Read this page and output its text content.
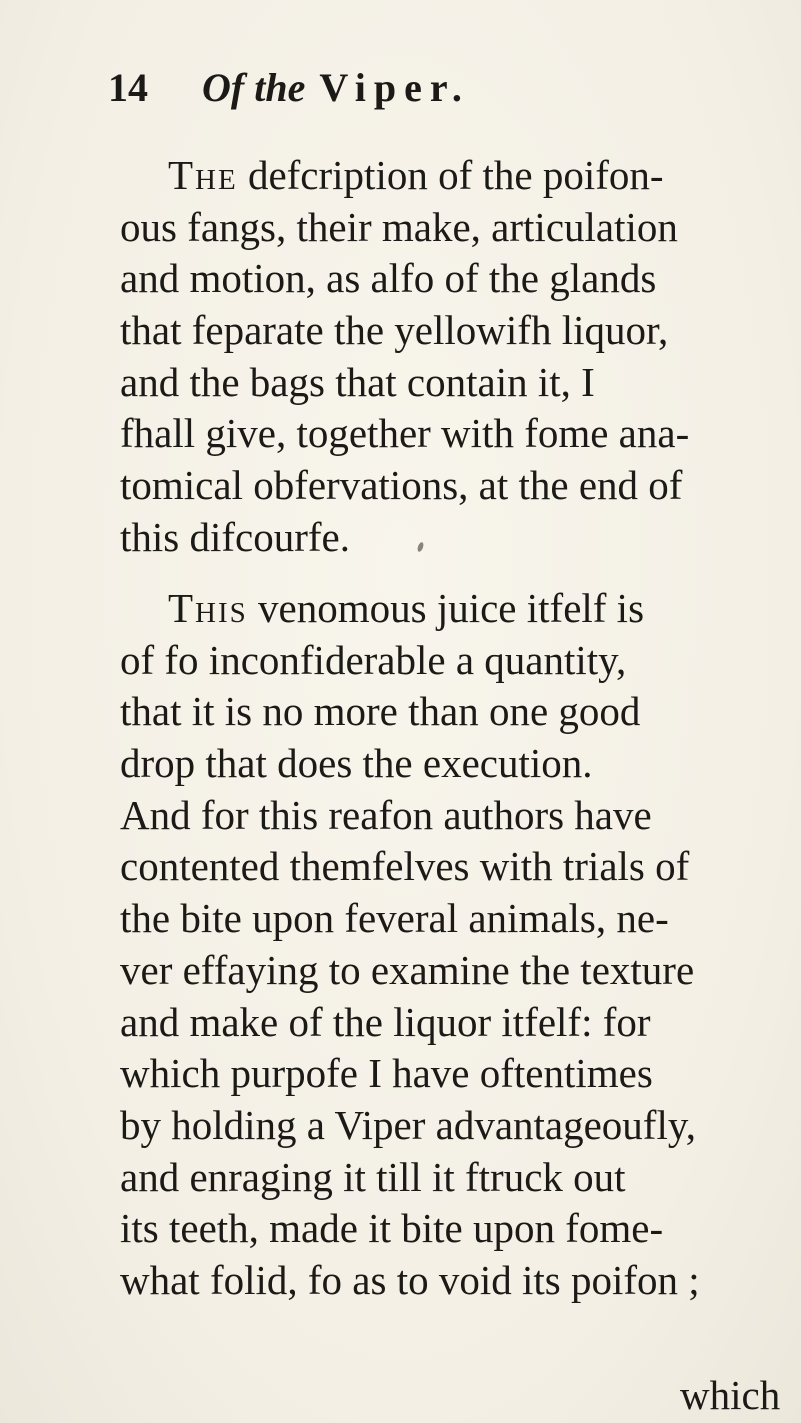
14 Of the Viper.
The defcription of the poifon-
ous fangs, their make, articulation
and motion, as alfo of the glands
that feparate the yellowifh liquor,
and the bags that contain it, I
fhall give, together with fome ana-
tomical obfervations, at the end of
this difcourfe.
This venomous juice itfelf is
of fo inconfiderable a quantity,
that it is no more than one good
drop that does the execution.
And for this reafon authors have
contented themfelves with trials of
the bite upon feveral animals, ne-
ver effaying to examine the texture
and make of the liquor itfelf: for
which purpofe I have oftentimes
by holding a Viper advantageoufly,
and enraging it till it ftruck out
its teeth, made it bite upon fome-
what folid, fo as to void its poifon ;
which
